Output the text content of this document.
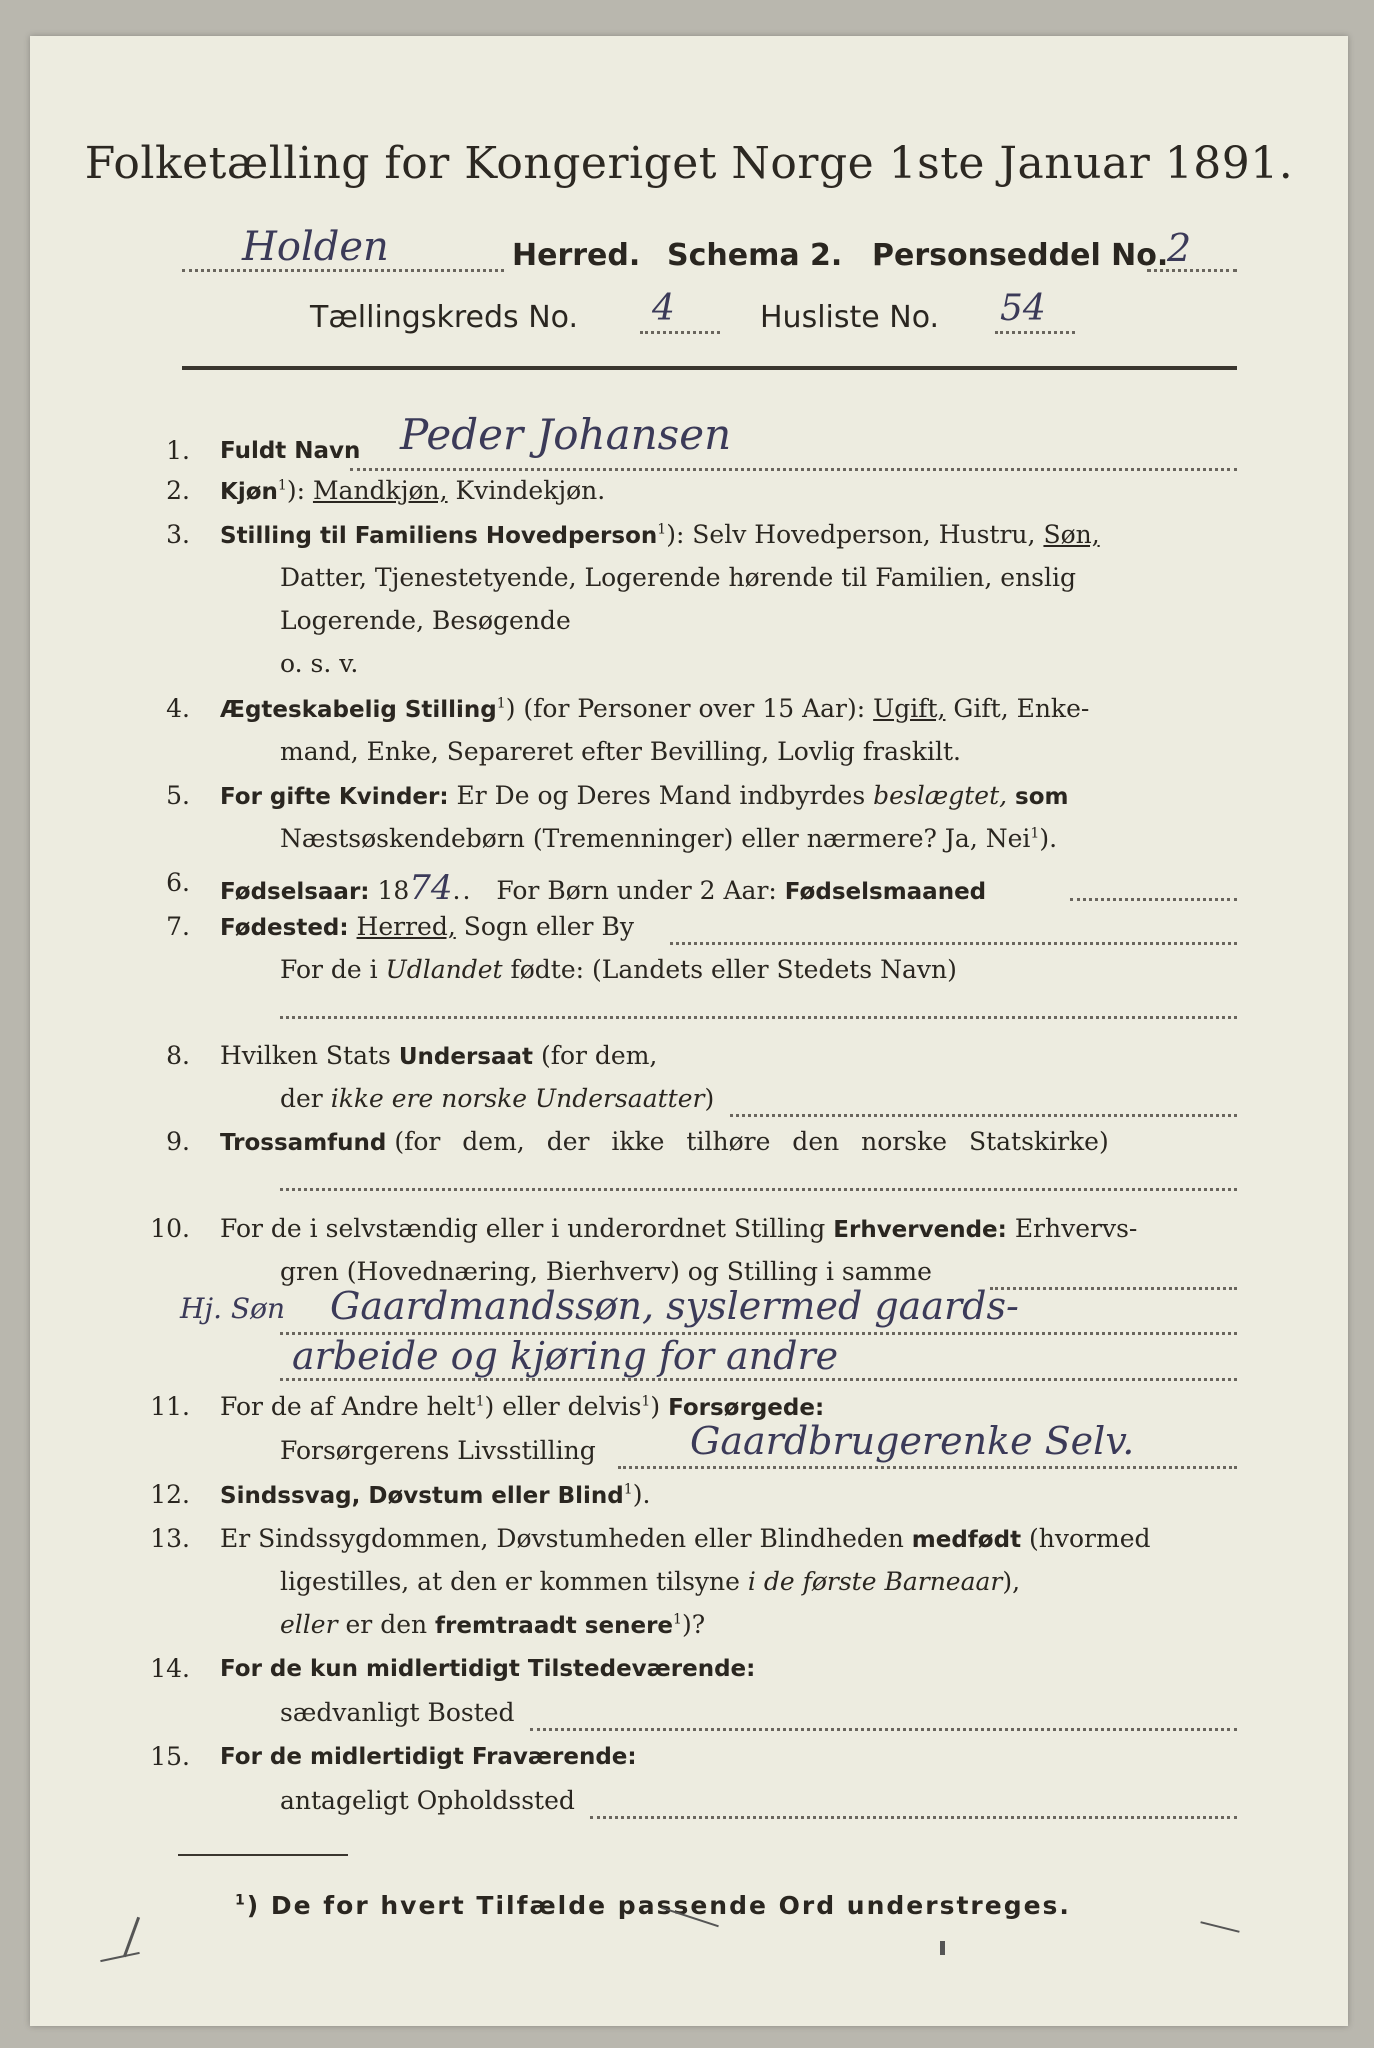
Folketælling for Kongeriget Norge 1ste Januar 1891.
Holden	Herred. Schema 2. Personseddel No.
2
Tællingskreds No. 4	Husliste No. 54
1. Fuldt Navn Peder Johansen
2. Kjøn$^1$): Mandkjøn, Kvindekjøn.
3. Stilling til Familiens Hovedperson$^1$): Selv Hovedperson, Hustru, Søn,
Datter, Tjenestetyende, Logerende hørende til Familien, enslig
Logerende, Besøgende
o. s. v.
4. Ægteskabelig Stilling$^1$) (for Personer over 15 Aar): Ugift, Gift, Enke-
mand, Enke, Separeret efter Bevilling, Lovlig fraskilt.
5. For gifte Kvinder: Er De og Deres Mand indbyrdes beslægtet, som
Næstsøskendebørn (Tremenninger) eller nærmere? Ja, Nei$^1$).
6. Fødselsaar: 1874.. For Børn under 2 Aar: Fødselsmaaned
7. Fødested: Herred, Sogn eller By
For de i Udlandet fødte: (Landets eller Stedets Navn)
8. Hvilken Stats Undersaat (for dem,
der ikke ere norske Undersaatter)
9. Trossamfund (for dem, der ikke tilhøre den norske Statskirke)
10. For de i selvstændig eller i underordnet Stilling Erhvervende: Erhvervs-
gren (Hovednæring, Bierhverv) og Stilling i samme
Hj. Søn Gaardmandssøn, syslermed gaards-
arbeide og kjøring for andre
11. For de af Andre helt$^1$) eller delvis$^1$) Forsørgede:
Forsørgerens Livsstilling Gaardbrugerenke Selv.
12. Sindssvag, Døvstum eller Blind$^1$).
13. Er Sindssygdommen, Døvstumheden eller Blindheden medfødt (hvormed
ligestilles, at den er kommen tilsyne i de første Barneaar),
eller er den fremtraadt senere$^1$)?
14. For de kun midlertidigt Tilstedeværende:
sædvanligt Bosted
15. For de midlertidigt Fraværende:
antageligt Opholdssted
$^1$) De for hvert Tilfælde passende Ord understreges.
